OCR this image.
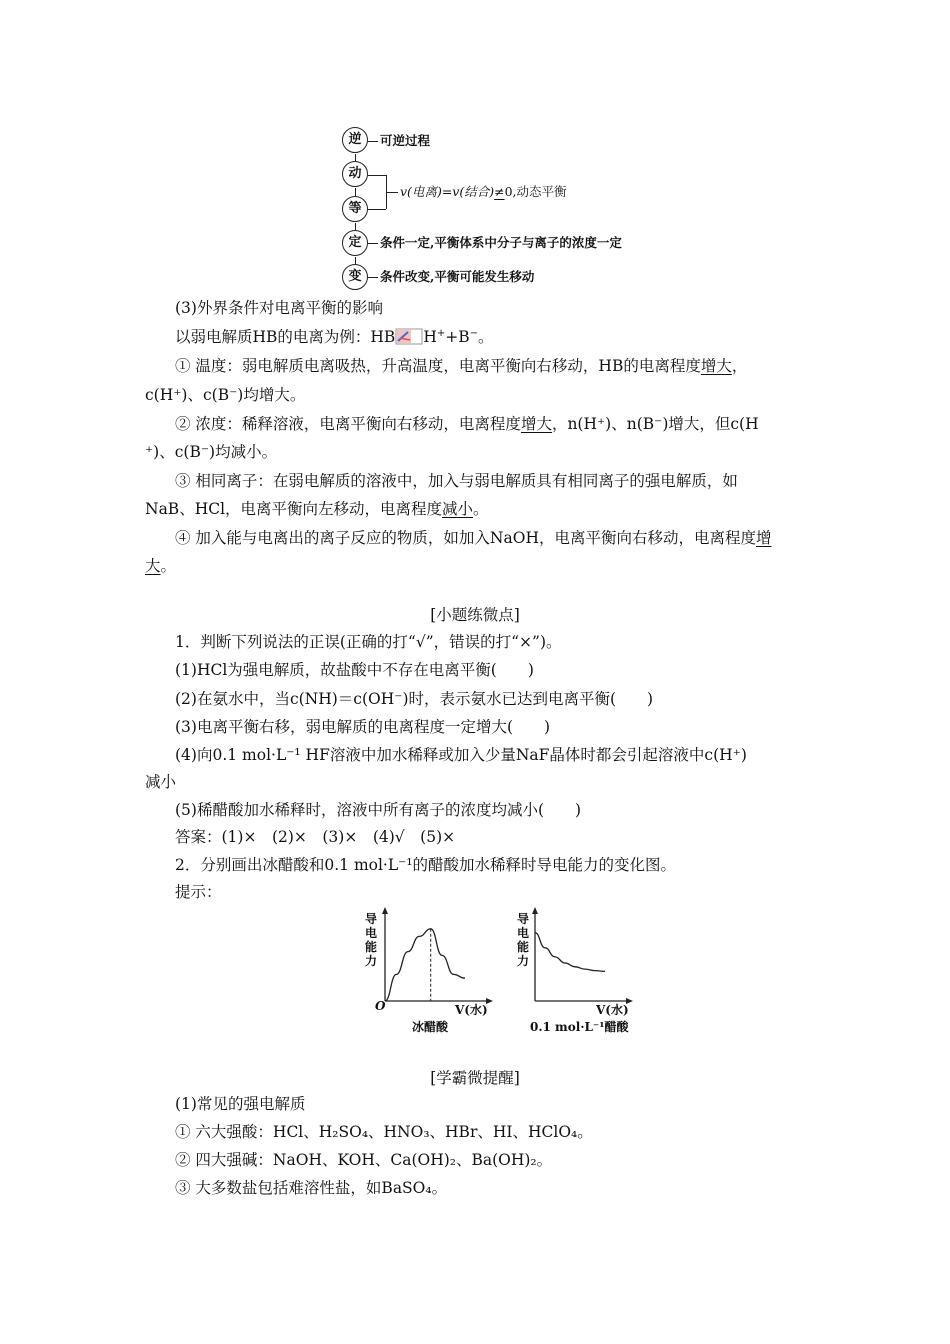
逆
动
等
定
变
可逆过程
v(电离)=v(结合)≠0,动态平衡
条件一定,平衡体系中分子与离子的浓度一定
条件改变,平衡可能发生移动
(3)外界条件对电离平衡的影响
以弱电解质HB的电离为例：HB H++B−。
① 温度：弱电解质电离吸热，升高温度，电离平衡向右移动，HB的电离程度增大，
c(H⁺)、c(B⁻)均增大。
② 浓度：稀释溶液，电离平衡向右移动，电离程度增大，n(H⁺)、n(B⁻)增大，但c(H
⁺)、c(B⁻)均减小。
③ 相同离子：在弱电解质的溶液中，加入与弱电解质具有相同离子的强电解质，如
NaB、HCl，电离平衡向左移动，电离程度减小。
④ 加入能与电离出的离子反应的物质，如加入NaOH，电离平衡向右移动，电离程度增
大。
[小题练微点]
1．判断下列说法的正误(正确的打“√”，错误的打“×”)。
(1)HCl为强电解质，故盐酸中不存在电离平衡(　　)
(2)在氨水中，当c(NH)＝c(OH⁻)时，表示氨水已达到电离平衡(　　)
(3)电离平衡右移，弱电解质的电离程度一定增大(　　)
(4)向0.1 mol·L⁻¹ HF溶液中加水稀释或加入少量NaF晶体时都会引起溶液中c(H⁺)
减小
(5)稀醋酸加水稀释时，溶液中所有离子的浓度均减小(　　)
答案：(1)×　(2)×　(3)×　(4)√　(5)×
2．分别画出冰醋酸和0.1 mol·L⁻¹的醋酸加水稀释时导电能力的变化图。
提示：
导电能力
O	V(水)
冰醋酸
导电能力
V(水)
0.1 mol·L⁻¹醋酸
[学霸微提醒]
(1)常见的强电解质
① 六大强酸：HCl、H₂SO₄、HNO₃、HBr、HI、HClO₄。
② 四大强碱：NaOH、KOH、Ca(OH)₂、Ba(OH)₂。
③ 大多数盐包括难溶性盐，如BaSO₄。
